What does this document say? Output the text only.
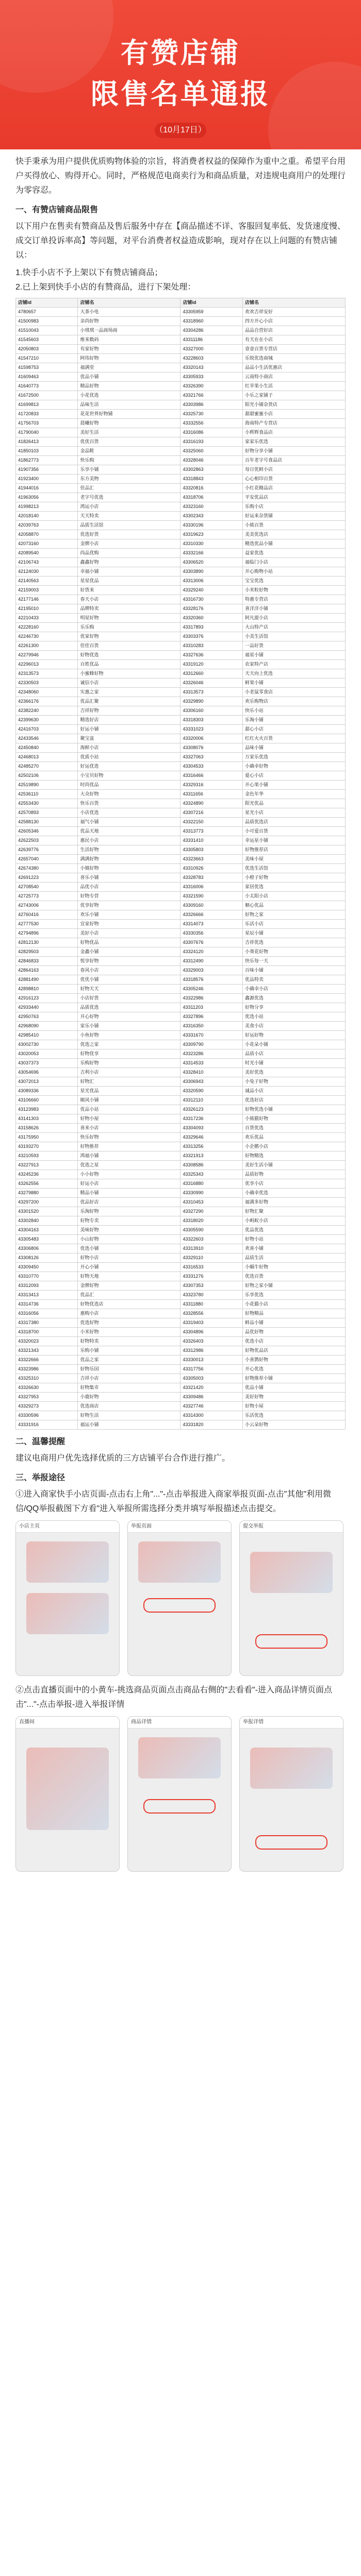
有赞店铺
限售名单通报
（10月17日）

快手秉承为用户提供优质购物体验的宗旨，将消费者权益的保障作为重中之重。希望平台用户买得放心、购得开心。同时，严格规范电商卖行为和商品质量，对违规电商用户的处理行为零容忍。

一、有赞店铺商品限售

以下用户在售卖有赞商品及售后服务中存在【商品描述不详、客服回复率低、发货速度慢、成交订单投诉率高】等问题，对平台消费者权益造成影响，现对存在以上问题的有赞店铺以：

1.快手小店不予上架以下有赞店铺商品；

2.已上架到快手小店的有赞商品，进行下架处理：

店铺id	店铺名	店铺id	店铺名
4780657	大茶小电	43305959	欢欢吉祥安好
41500983	亲尚好物	43318960	四方开心小店
41510043	小琪琪一品商场商	43304286	品品自营好店
41545603	维来数码	43311186	有天在在小店
42050803	有家好物	43327000	壹壹百货专营店
41547210	阿伟好物	43228603	乐锐优选商城
41598753	福满堂	43320143	品品小生活优惠店
41609463	优品小铺	43305933	云南特小商店
41640773	精品好物	43326390	红苹果小生活
41672500	小花优选	43321766	小乐之家铺子
41699813	品味生活	43303986	阳光小铺杂货店
41720833	花花世界好物铺	43325730	甜甜蜜蜜小店
41756703	晨曦好物	43332556	海南特产专营店
41790040	美好生活	43316086	小辉辉食品店
41826413	优优百货	43316193	家家乐优选
41850103	金品鞋	43325060	好物分享小铺
41862773	快乐购	43328046	百年老字号食品店
41907356	乐享小铺	43302863	每日优鲜小店
41923400	东方美物	43318843	心心相印百货
41944016	佳品汇	43320816	小红花精品店
41963056	老字号优选	43318706	平安优品店
41998213	鸿运小店	43323160	乐购小店
42018140	天天特卖	43302343	好运来杂货铺
42039763	品质生活馆	43330196	小熊百货
42058870	优选好货	43319623	美美优选店
42073160	金牌小店	43310330	精选优品小铺
42089540	尚品优购	43332166	益家优选
42106743	鑫鑫好物	43306520	福临门小店
42124030	幸福小铺	43303890	开心购物小站
42140563	星星优品	43313006	宝宝优选
42159003	好货来	43329240	小米粒好物
42177146	春天小店	43316730	特惠专营店
42195010	品牌特卖	43328176	喜洋洋小铺
42210433	明星好物	43320360	阿凡提小店
42228160	乐乐购	43317893	大山特产店
42246730	优家好物	43303376	小美生活馆
42261300	佳佳百货	43310283	一品好货
42279946	好物优选	43327636	福星小铺
42296013	百姓优品	43319120	农家特产店
42313573	小蜜蜂好物	43312660	天天向上优选
42330503	诚信小店	43326046	鲜果小铺
42348060	实惠之家	43313573	小老鼠零食店
42366176	优品汇聚	43329890	欢乐购物店
42382240	吉祥好物	43306160	快乐小站
42399630	精选好店	43318303	乐淘小铺
42416703	好运小铺	43331023	甜心小店
42433546	聚宝盆	43320006	红红火火百货
42450840	海鲜小店	43308076	品味小铺
42468013	优质小站	43327063	万家乐优选
42485270	好运优选	43304533	小确幸好物
42502106	小宝贝好物	43316466	爱心小店
42519890	时尚优品	43329316	开心果小铺
42536110	大众好物	43311656	金色年华
42553430	快乐百货	43324890	阳光优品
42570893	小店优选	43307216	星光小店
42588130	福气小铺	43322150	品质优选店
42605346	优品天地	43313773	小可爱百货
42622503	惠民小店	43331410	幸运星小铺
42639776	生活好物	43305803	好物推荐店
42657040	满满好物	43323663	美味小屋
42674380	小镇好物	43310926	优选生活馆
42691223	喜乐小铺	43328783	小橙子好物
42708540	品优小店	43316006	家居优选
42725773	好物专营	43321590	小太阳小店
42743006	优享好物	43309160	顺心优品
42760416	欢乐小铺	43326666	好物之家
42777530	宜家好物	43314073	乐活小店
42794896	美好小店	43330356	星辰小铺
42812130	好物优品	43307676	吉祥优选
42829503	金鑫小铺	43324120	小葵花好物
42846833	悦享好物	43312490	快乐每一天
42864163	春风小店	43329003	百味小铺
42881490	优优小铺	43318576	优品特卖
42898810	好物天天	43305246	小确幸小店
42916123	小店好货	43322986	鑫源优选
42933440	品质优选	43311203	好物分享
42950763	开心好物	43327896	优选小站
42968090	家乐小铺	43316350	美食小店
42985410	小鱼好物	43331670	好运好物
43002730	优选之家	43309790	小花朵小铺
43020053	好物优享	43323286	品质小店
43037373	乐购好物	43314533	时光小铺
43054696	吉利小店	43328410	美好优选
43072013	好物汇	43306943	小兔子好物
43089336	星光优品	43320590	诚品小店
43106660	顺风小铺	43312110	优选好店
43123983	优品小站	43326123	好物优选小铺
43141303	好物小屋	43317236	小熊猫好物
43158626	喜来小店	43304093	百货优选
43175950	快乐好物	43329646	欢乐优品
43193270	好物推荐	43313256	小企鹅小店
43210593	鸿福小铺	43321913	好物精选
43227913	优选之星	43308586	美好生活小铺
43245236	小小好物	43325343	品质好物
43262556	好运小店	43316880	优享小店
43279880	精品小铺	43330990	小确幸优选
43297200	优品好店	43310453	福满多好物
43301520	乐淘好物	43327290	好物汇聚
43302840	好物专卖	43318020	小蚂蚁小店
43304163	美味好物	43305590	优品优选
43305483	小山好物	43322603	好物小站
43306806	优选小铺	43313910	欢喜小铺
43308126	好物小店	43329110	品质生活
43309450	开心小铺	43316533	小蜗牛好物
43310770	好物天地	43331276	优选百货
43312093	金牌好物	43307353	好物之家小铺
43313413	优品汇	43323780	乐享优选
43314736	好物优选店	43311880	小花猫小店
43316056	惠购小店	43328556	好物精品
43317380	优选好物	43319403	鲜品小铺
43318700	小米好物	43304896	品优好物
43320023	好物特卖	43326403	优选小店
43321343	乐购小铺	43312986	好物优品店
43322666	优品之家	43330013	小喜鹊好物
43323986	好物乐园	43317756	开心优选
43325310	吉祥小店	43305003	好物推荐小铺
43326630	好物集市	43321420	优品小铺
43327953	小鹿好物	43309486	美好好物
43329273	优选商店	43327746	好物小屋
43330596	好物生活	43314300	乐活优选
43331916	福运小铺	43331820	小云朵好物
二、温馨提醒

建议电商用户优先选择优质的三方店铺平台合作进行推广。

三、举报途径

①进入商家快手小店页面-点击右上角"..."-点击举报进入商家举报页面-点击"其他"利用微信/QQ举报截图下方看"进入举报所需选择分类并填写举报描述点击提交。

小店主页	举报页面	提交举报

②点击直播页面中的小黄车-挑选商品页面点击商品右侧的"去看看"-进入商品详情页面点击"..."-点击举报-进入举报详情

直播间	商品详情	举报详情
